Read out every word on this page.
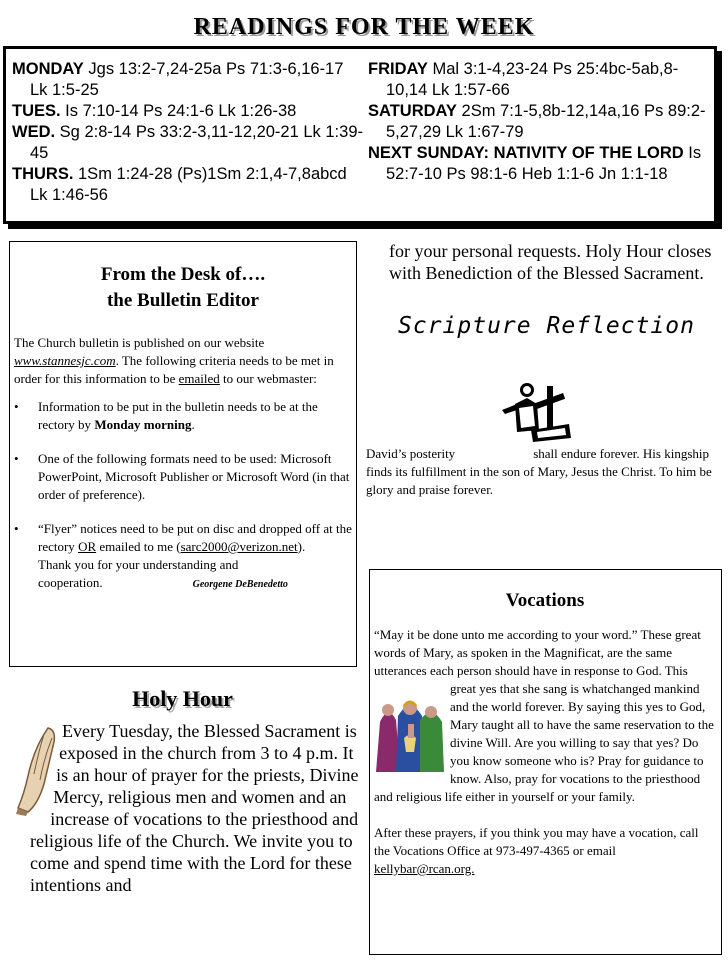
READINGS FOR THE WEEK

MONDAY Jgs 13:2-7,24-25a Ps 71:3-6,16-17 Lk 1:5-25

TUES. Is 7:10-14 Ps 24:1-6 Lk 1:26-38

WED. Sg 2:8-14 Ps 33:2-3,11-12,20-21 Lk 1:39-45

THURS. 1Sm 1:24-28 (Ps)1Sm 2:1,4-7,8abcd Lk 1:46-56

FRIDAY Mal 3:1-4,23-24 Ps 25:4bc-5ab,8-10,14 Lk 1:57-66

SATURDAY 2Sm 7:1-5,8b-12,14a,16 Ps 89:2-5,27,29 Lk 1:67-79

NEXT SUNDAY: NATIVITY OF THE LORD Is 52:7-10 Ps 98:1-6 Heb 1:1-6 Jn 1:1-18

From the Desk of….
the Bulletin Editor

The Church bulletin is published on our website www.stannesjc.com. The following criteria needs to be met in order for this information to be emailed to our webmaster:

• Information to be put in the bulletin needs to be at the rectory by Monday morning.
• One of the following formats need to be used: Microsoft PowerPoint, Microsoft Publisher or Microsoft Word (in that order of preference).
• “Flyer” notices need to be put on disc and dropped off at the rectory OR emailed to me (sarc2000@verizon.net).
Thank you for your understanding and cooperation.	Georgene DeBenedetto
for your personal requests. Holy Hour closes with Benediction of the Blessed Sacrament.
Scripture Reflection
David’s posterity	shall endure forever. His kingship finds its fulfillment in the son of Mary, Jesus the Christ. To him be glory and praise forever.
Vocations

“May it be done unto me according to your word.” These great words of Mary, as spoken in the Magnificat, are the same utterances each person should have in response to God. This great yes that she sang is what
changed mankind and the world forever. By saying this yes to God, Mary taught all to have the same reservation to the divine Will. Are you willing to say that yes? Do you know someone who is? Pray for guidance to know. Also, pray for vocations to the priesthood and religious life either in yourself or your family.

After these prayers, if you think you may have a vocation, call the Vocations Office at 973-497-4365 or email kellybar@rcan.org.

Holy Hour
Every Tuesday, the Blessed Sacrament is exposed in the church from 3 to 4 p.m. It is an hour of prayer for the priests, Divine Mercy, religious men and women and an increase of vocations to the priesthood and religious life of the Church. We invite you to come and spend time with the Lord for these intentions and
